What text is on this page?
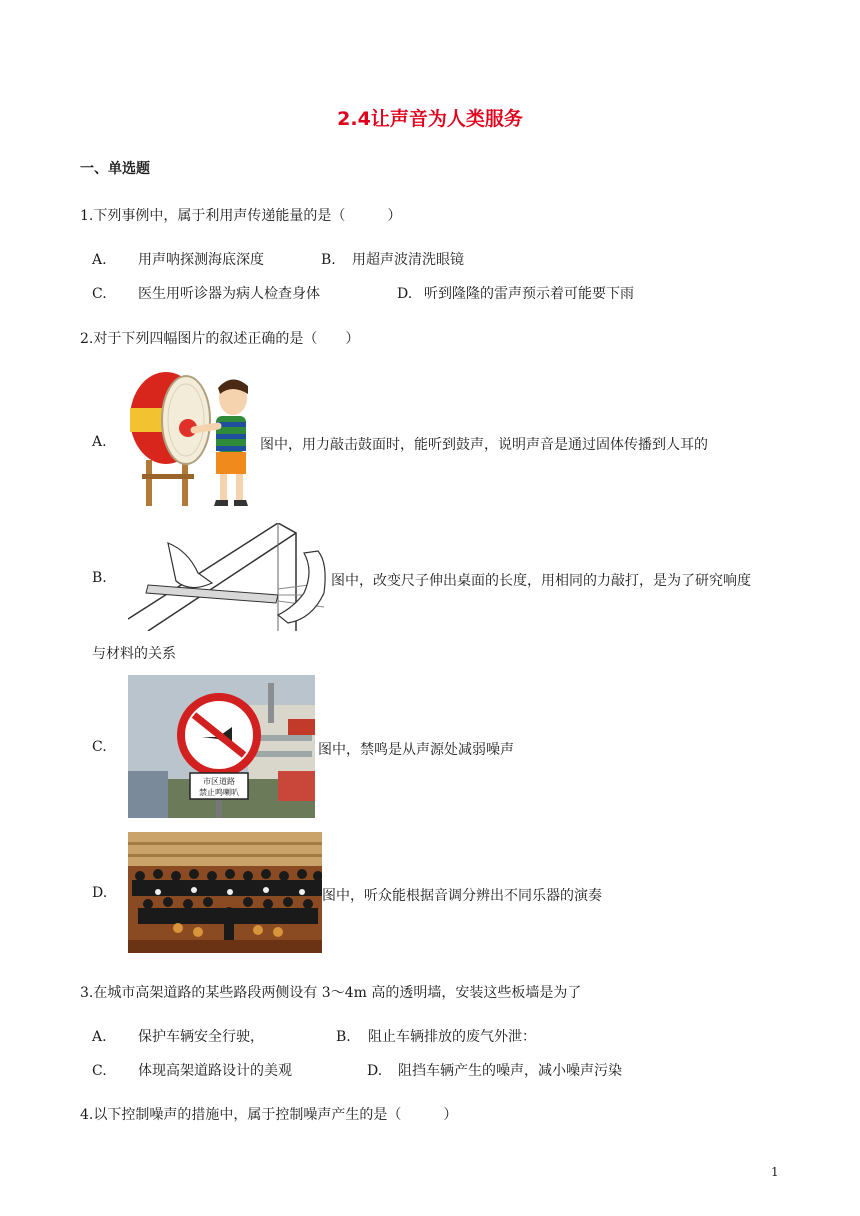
2.4让声音为人类服务
一、单选题
1.下列事例中，属于利用声传递能量的是（　　　）
A. 用声呐探测海底深度	B. 用超声波清洗眼镜
C. 医生用听诊器为病人检查身体	D. 听到隆隆的雷声预示着可能要下雨
2.对于下列四幅图片的叙述正确的是（　　）
A.	图中，用力敲击鼓面时，能听到鼓声，说明声音是通过固体传播到人耳的
B.	图中，改变尺子伸出桌面的长度，用相同的力敲打，是为了研究响度
与材料的关系
C.
市区道路
禁止鸣喇叭
图中，禁鸣是从声源处减弱噪声
D.	图中，听众能根据音调分辨出不同乐器的演奏
3.在城市高架道路的某些路段两侧设有 3～4m 高的透明墙，安装这些板墙是为了
A. 保护车辆安全行驶，	B. 阻止车辆排放的废气外泄：
C. 体现高架道路设计的美观	D. 阻挡车辆产生的噪声，减小噪声污染
4.以下控制噪声的措施中，属于控制噪声产生的是（　　　）
1
